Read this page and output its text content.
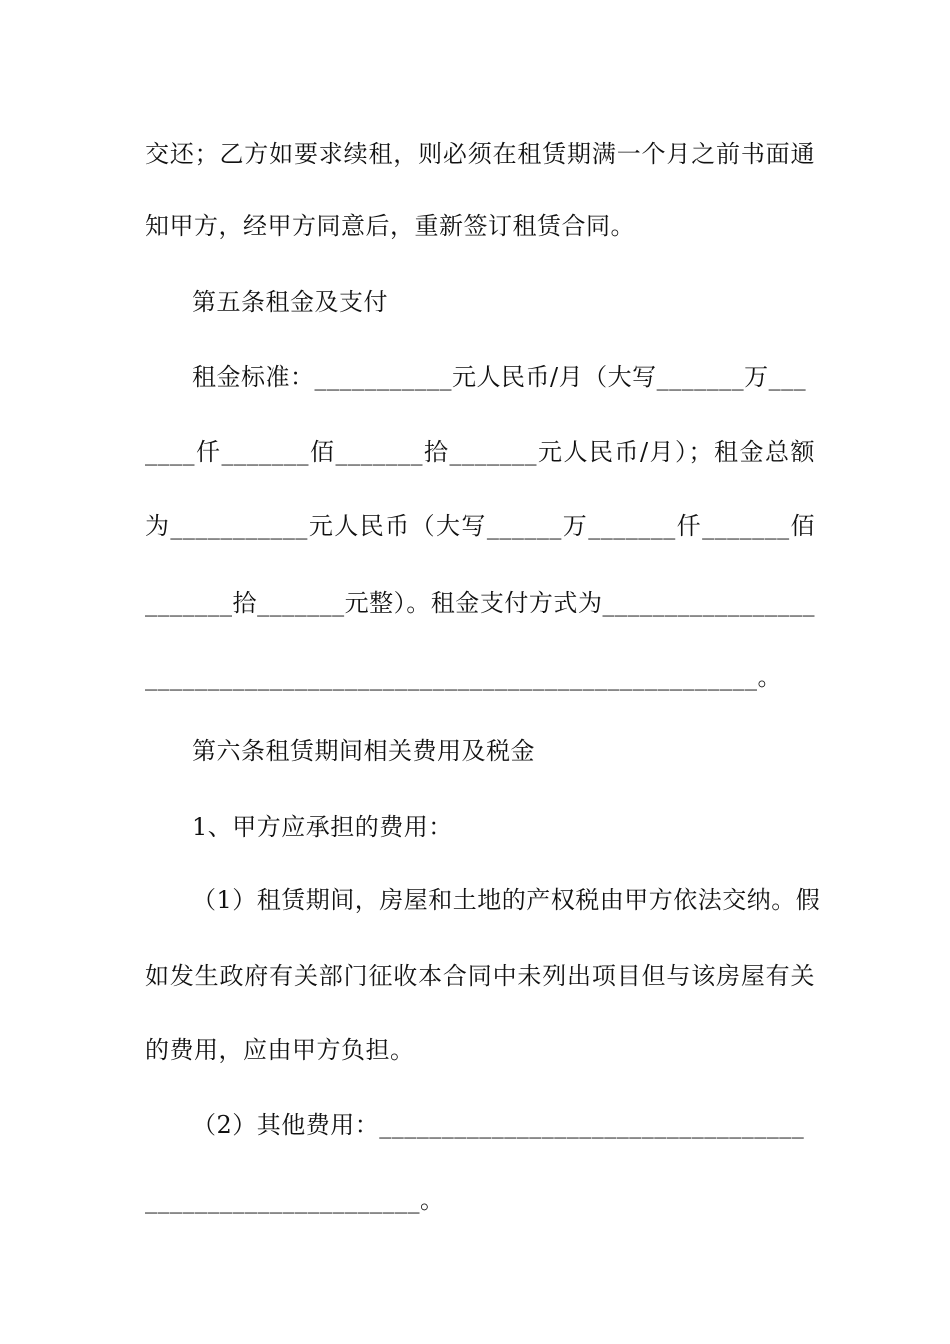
交还；乙方如要求续租，则必须在租赁期满一个月之前书面通
知甲方，经甲方同意后，重新签订租赁合同。
第五条租金及支付
租金标准：___________元人民币/月（大写_______万___
____仟_______佰_______拾_______元人民币/月）；租金总额
为___________元人民币（大写______万_______仟_______佰
_______拾_______元整）。租金支付方式为_________________
_________________________________________________。
第六条租赁期间相关费用及税金
1、甲方应承担的费用：
（1）租赁期间，房屋和土地的产权税由甲方依法交纳。假
如发生政府有关部门征收本合同中未列出项目但与该房屋有关
的费用，应由甲方负担。
（2）其他费用：__________________________________
______________________。
